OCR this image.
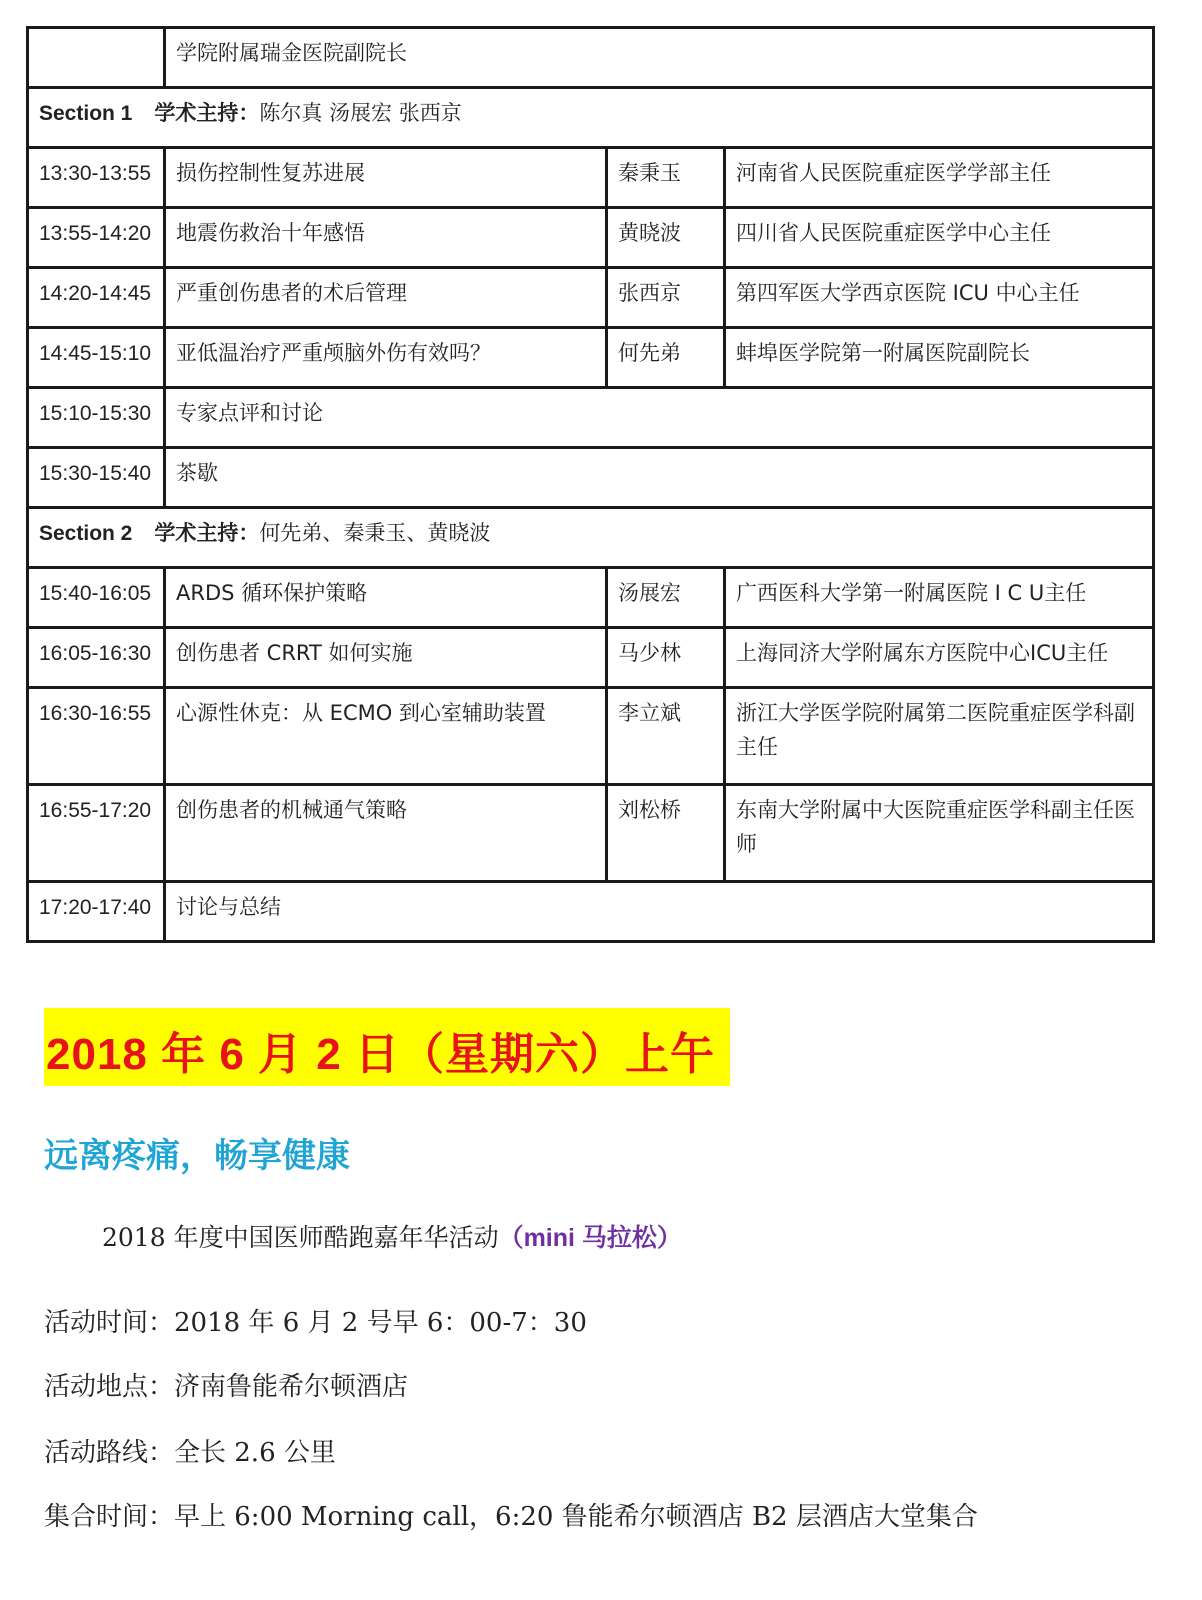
	学院附属瑞金医院副院长		
Section 1 学术主持：陈尔真 汤展宏 张西京			
13:30-13:55	损伤控制性复苏进展	秦秉玉	河南省人民医院重症医学学部主任
13:55-14:20	地震伤救治十年感悟	黄晓波	四川省人民医院重症医学中心主任
14:20-14:45	严重创伤患者的术后管理	张西京	第四军医大学西京医院 ICU 中心主任
14:45-15:10	亚低温治疗严重颅脑外伤有效吗？	何先弟	蚌埠医学院第一附属医院副院长
15:10-15:30	专家点评和讨论		
15:30-15:40	茶歇		
Section 2 学术主持：何先弟、秦秉玉、黄晓波			
15:40-16:05	ARDS 循环保护策略	汤展宏	广西医科大学第一附属医院 I C U主任
16:05-16:30	创伤患者 CRRT 如何实施	马少林	上海同济大学附属东方医院中心ICU主任
16:30-16:55	心源性休克：从 ECMO 到心室辅助装置	李立斌	浙江大学医学院附属第二医院重症医学科副主任
16:55-17:20	创伤患者的机械通气策略	刘松桥	东南大学附属中大医院重症医学科副主任医师
17:20-17:40	讨论与总结		
2018 年 6 月 2 日（星期六）上午
远离疼痛，畅享健康
2018 年度中国医师酷跑嘉年华活动（mini 马拉松）
活动时间：2018 年 6 月 2 号早 6：00-7：30
活动地点：济南鲁能希尔顿酒店
活动路线：全长 2.6 公里
集合时间：早上 6:00 Morning call，6:20 鲁能希尔顿酒店 B2 层酒店大堂集合
